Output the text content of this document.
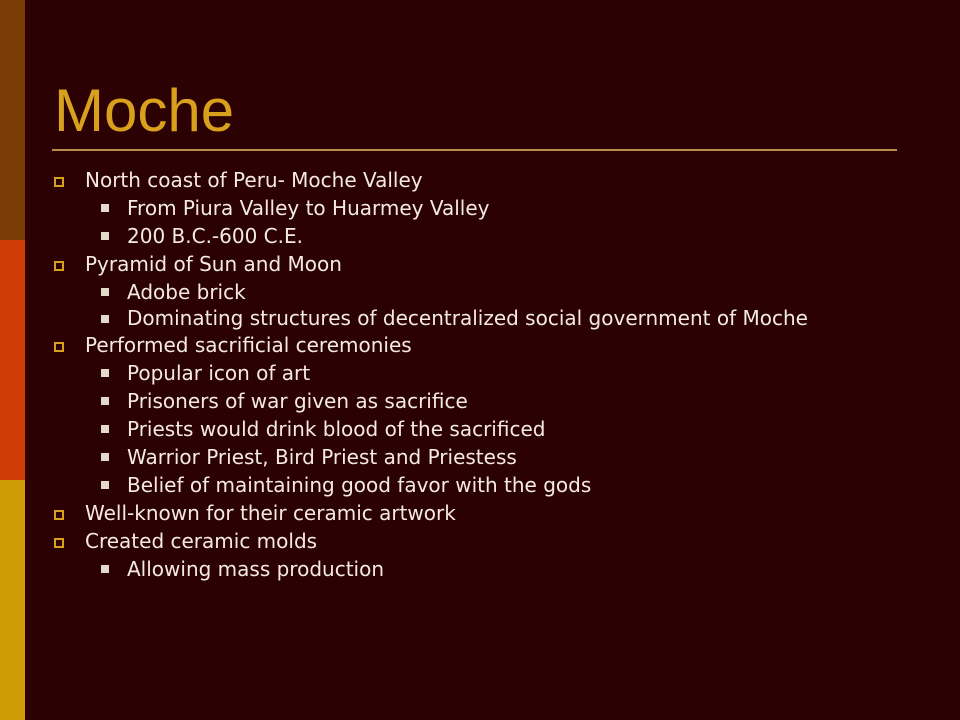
Moche
North coast of Peru- Moche Valley
From Piura Valley to Huarmey Valley
200 B.C.-600 C.E.
Pyramid of Sun and Moon
Adobe brick
Dominating structures of decentralized social government of Moche
Performed sacrificial ceremonies
Popular icon of art
Prisoners of war given as sacrifice
Priests would drink blood of the sacrificed
Warrior Priest, Bird Priest and Priestess
Belief of maintaining good favor with the gods
Well-known for their ceramic artwork
Created ceramic molds
Allowing mass production
